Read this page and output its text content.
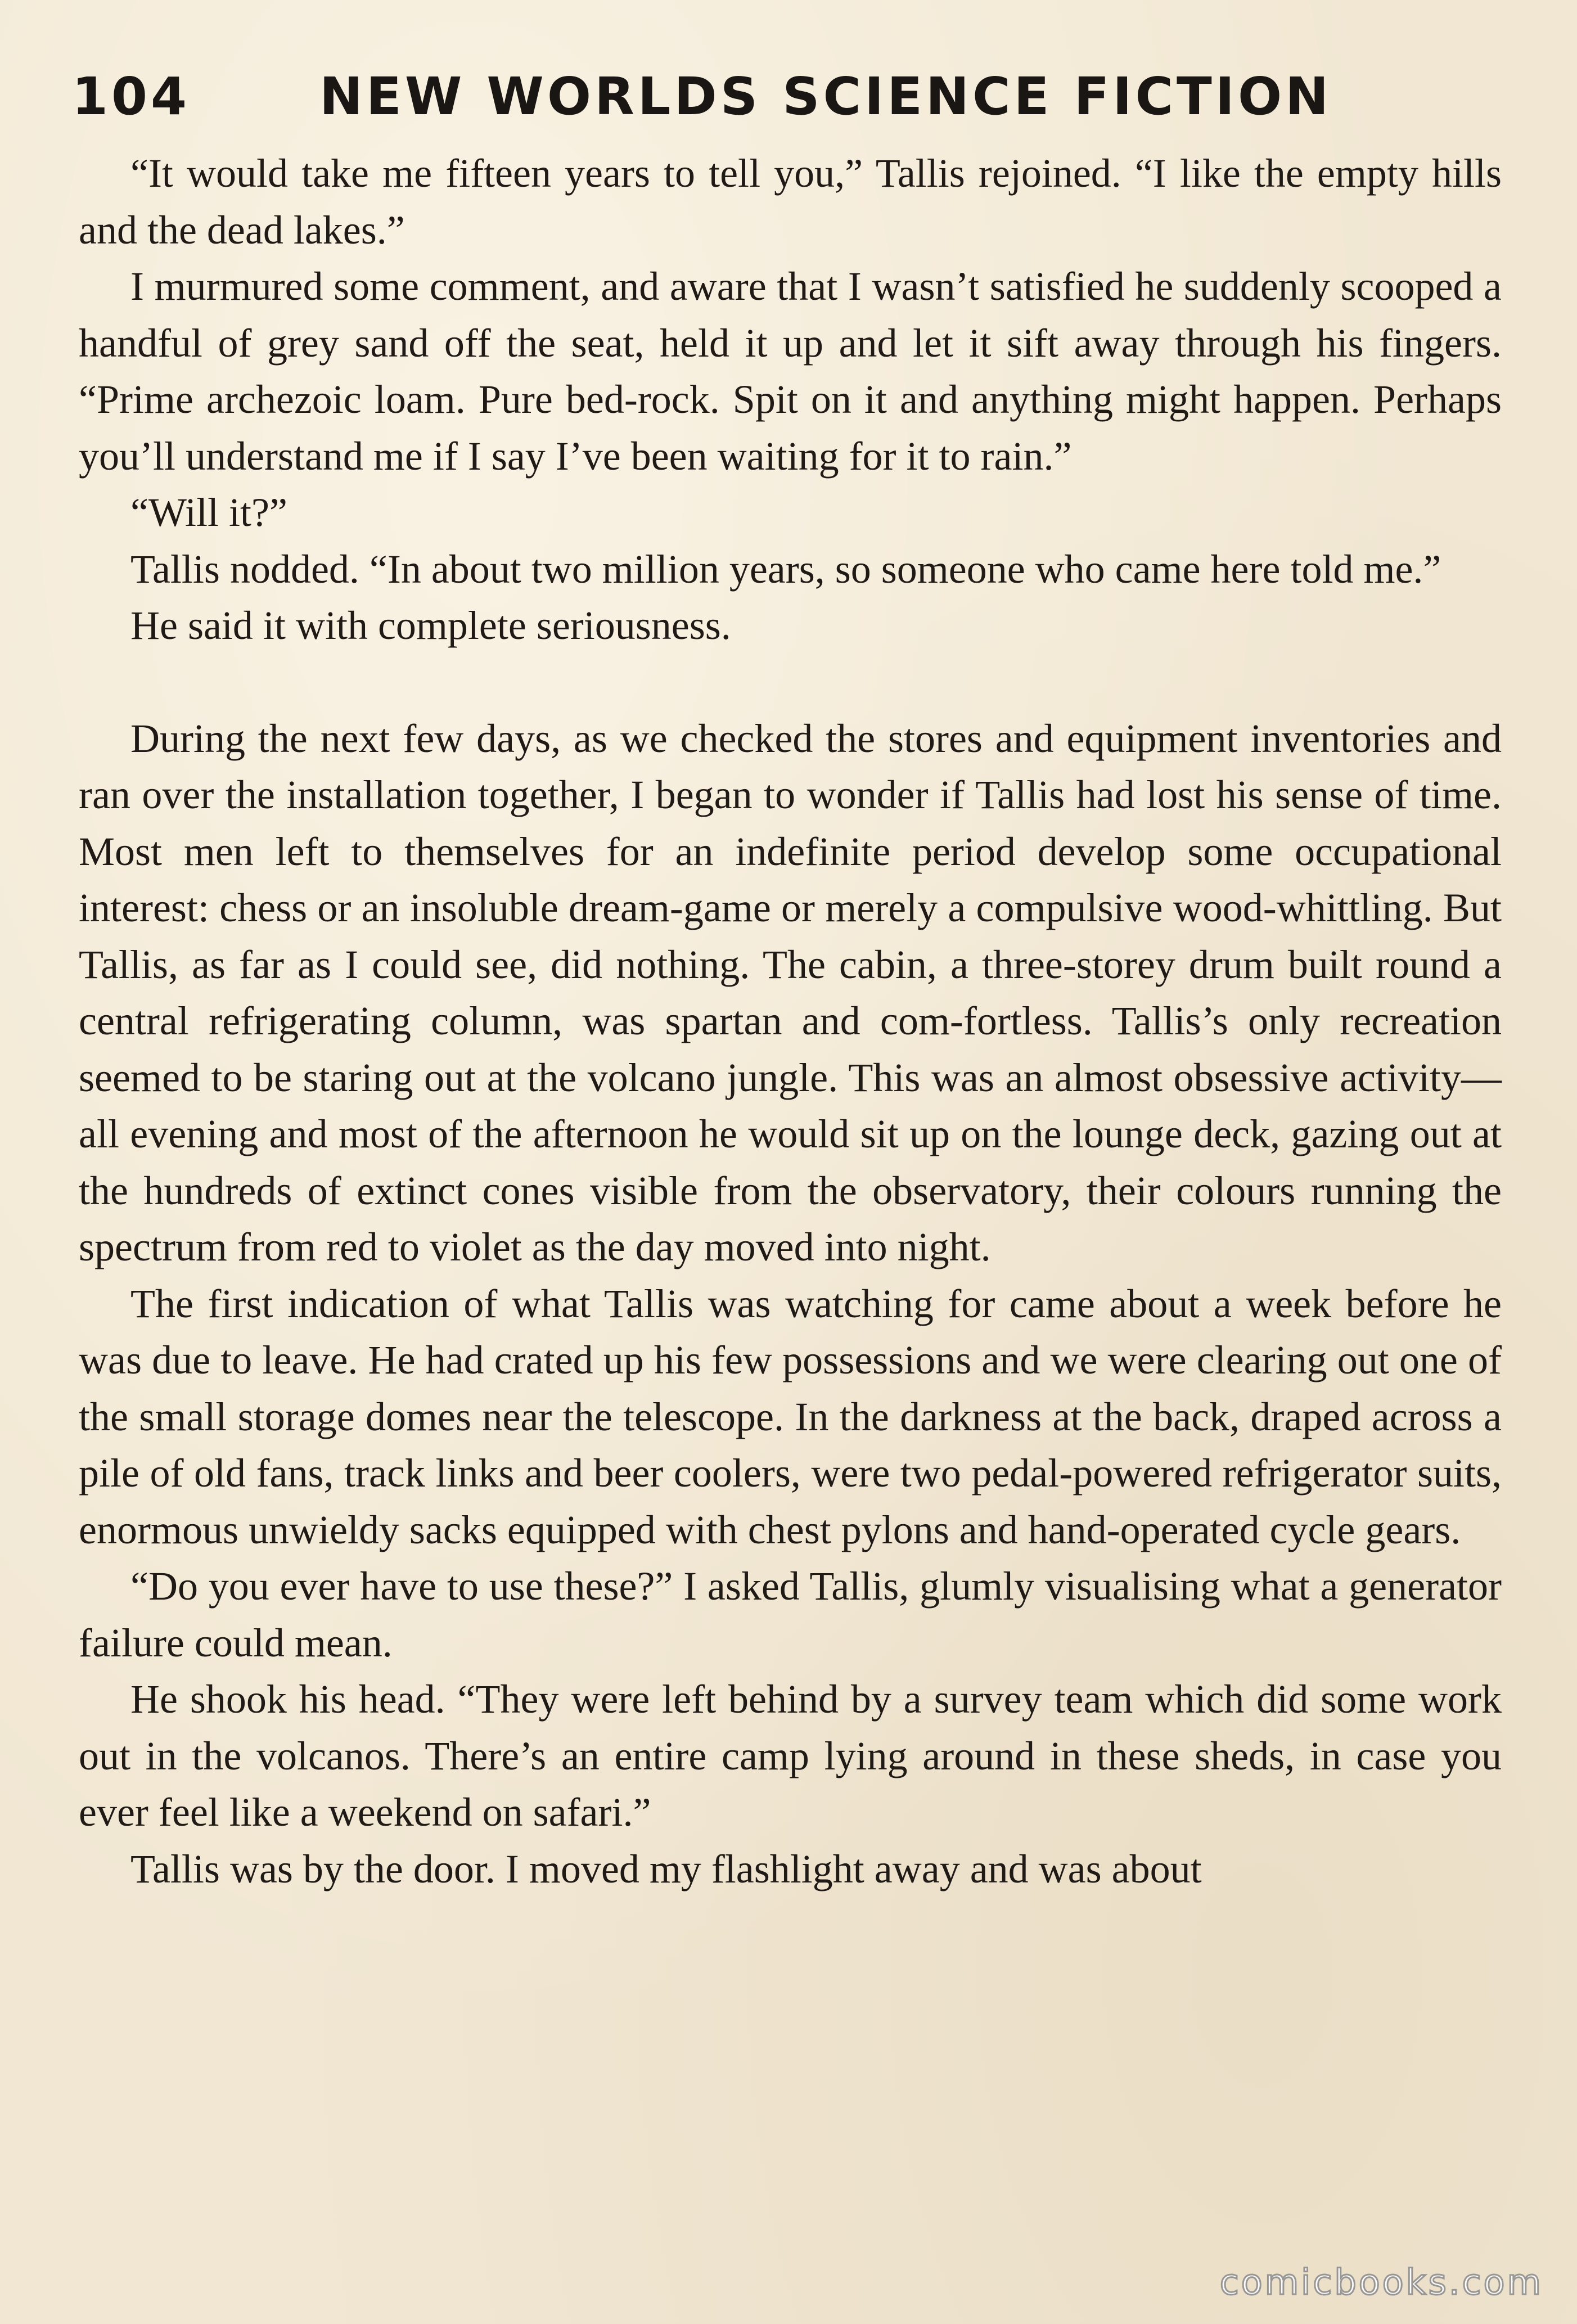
104	NEW WORLDS SCIENCE FICTION

“It would take me fifteen years to tell you,” Tallis rejoined. “I like the empty hills and the dead lakes.”

I murmured some comment, and aware that I wasn’t satisfied he suddenly scooped a handful of grey sand off the seat, held it up and let it sift away through his fingers. “Prime archezoic loam. Pure bed-rock. Spit on it and anything might happen. Perhaps you’ll understand me if I say I’ve been waiting for it to rain.”

“Will it?”

Tallis nodded. “In about two million years, so someone who came here told me.”

He said it with complete seriousness.

During the next few days, as we checked the stores and equipment inventories and ran over the installation together, I began to wonder if Tallis had lost his sense of time. Most men left to themselves for an indefinite period develop some occupational interest: chess or an insoluble dream-game or merely a compulsive wood-whittling. But Tallis, as far as I could see, did nothing. The cabin, a three-storey drum built round a central refrigerating column, was spartan and com-fortless. Tallis’s only recreation seemed to be staring out at the volcano jungle. This was an almost obsessive activity—all evening and most of the afternoon he would sit up on the lounge deck, gazing out at the hundreds of extinct cones visible from the observatory, their colours running the spectrum from red to violet as the day moved into night.

The first indication of what Tallis was watching for came about a week before he was due to leave. He had crated up his few possessions and we were clearing out one of the small storage domes near the telescope. In the darkness at the back, draped across a pile of old fans, track links and beer coolers, were two pedal-powered refrigerator suits, enormous unwieldy sacks equipped with chest pylons and hand-operated cycle gears.

“Do you ever have to use these?” I asked Tallis, glumly visualising what a generator failure could mean.

He shook his head. “They were left behind by a survey team which did some work out in the volcanos. There’s an entire camp lying around in these sheds, in case you ever feel like a weekend on safari.”

Tallis was by the door. I moved my flashlight away and was about

comicbooks.com
